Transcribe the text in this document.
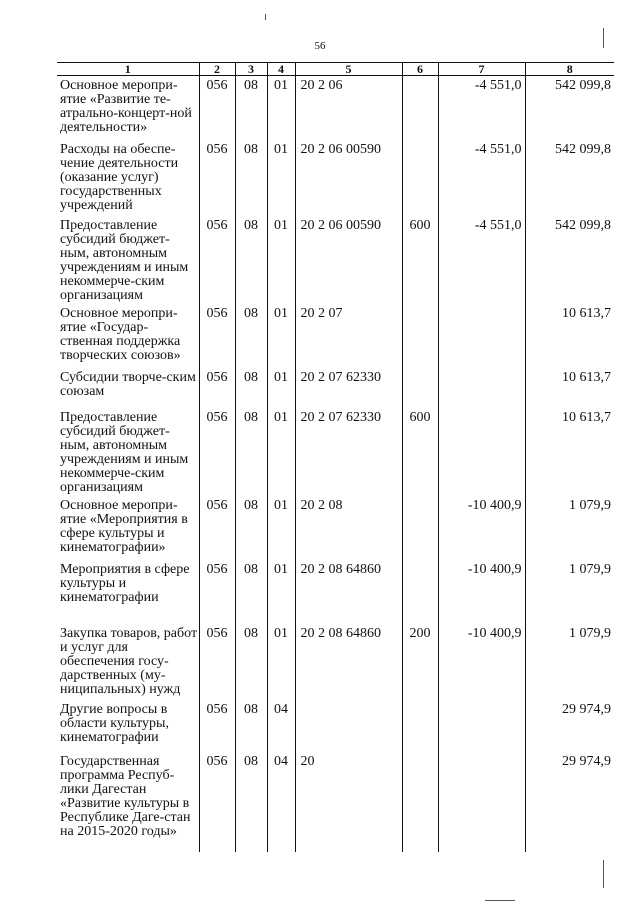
56
1	2	3	4	5	6	7	8

Основное меропри-ятие «Развитие те-атрально-концерт-ной деятельности»	056	08	01	20 2 06		-4 551,0	542 099,8

Расходы на обеспе-чение деятельности (оказание услуг) государственных учреждений	056	08	01	20 2 06 00590		-4 551,0	542 099,8

Предоставление субсидий бюджет-ным, автономным учреждениям и иным некоммерче-ским организациям	056	08	01	20 2 06 00590	600	-4 551,0	542 099,8

Основное меропри-ятие «Государ-ственная поддержка творческих союзов»	056	08	01	20 2 07			10 613,7

Субсидии творче-ским союзам	056	08	01	20 2 07 62330			10 613,7

Предоставление субсидий бюджет-ным, автономным учреждениям и иным некоммерче-ским организациям	056	08	01	20 2 07 62330	600		10 613,7

Основное меропри-ятие «Мероприятия в сфере культуры и кинематографии»	056	08	01	20 2 08		-10 400,9	1 079,9

Мероприятия в сфере культуры и кинематографии	056	08	01	20 2 08 64860		-10 400,9	1 079,9

Закупка товаров, работ и услуг для обеспечения госу-дарственных (му-ниципальных) нужд	056	08	01	20 2 08 64860	200	-10 400,9	1 079,9

Другие вопросы в области культуры, кинематографии	056	08	04				29 974,9

Государственная программа Респуб-лики Дагестан «Развитие культуры в Республике Даге-стан на 2015-2020 годы»	056	08	04	20			29 974,9
